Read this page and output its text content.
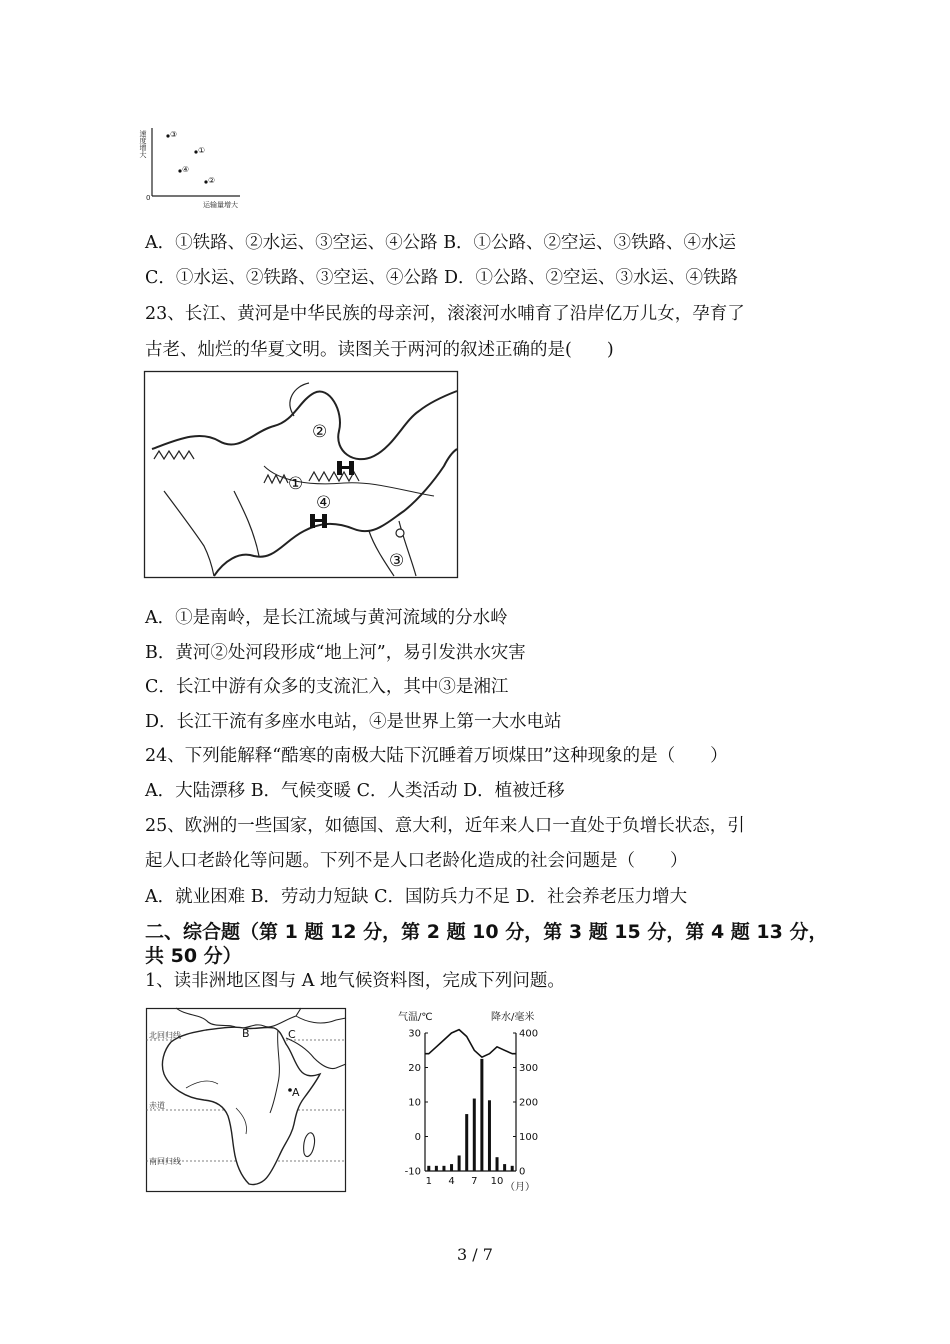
速度增大
运输量增大
0
③
①
④
②
A．①铁路、②水运、③空运、④公路 B．①公路、②空运、③铁路、④水运
C．①水运、②铁路、③空运、④公路 D．①公路、②空运、③水运、④铁路
23、长江、黄河是中华民族的母亲河，滚滚河水哺育了沿岸亿万儿女，孕育了
古老、灿烂的华夏文明。读图关于两河的叙述正确的是(　　)
②
①
④
③
A．①是南岭，是长江流域与黄河流域的分水岭
B．黄河②处河段形成“地上河”，易引发洪水灾害
C．长江中游有众多的支流汇入，其中③是湘江
D．长江干流有多座水电站，④是世界上第一大水电站
24、下列能解释“酷寒的南极大陆下沉睡着万顷煤田”这种现象的是（　　）
A．大陆漂移 B．气候变暖 C．人类活动 D．植被迁移
25、欧洲的一些国家，如德国、意大利，近年来人口一直处于负增长状态，引
起人口老龄化等问题。下列不是人口老龄化造成的社会问题是（　　）
A．就业困难 B．劳动力短缺 C．国防兵力不足 D．社会养老压力增大
二、综合题（第 1 题 12 分，第 2 题 10 分，第 3 题 15 分，第 4 题 13 分，
共 50 分）
1、读非洲地区图与 A 地气候资料图，完成下列问题。
B	C
A
北回归线
赤道
南回归线
气温/℃	降水/毫米
30
20
10
0
-10
400
300
200
100
0
1 4 7 10
（月）
3 / 7
